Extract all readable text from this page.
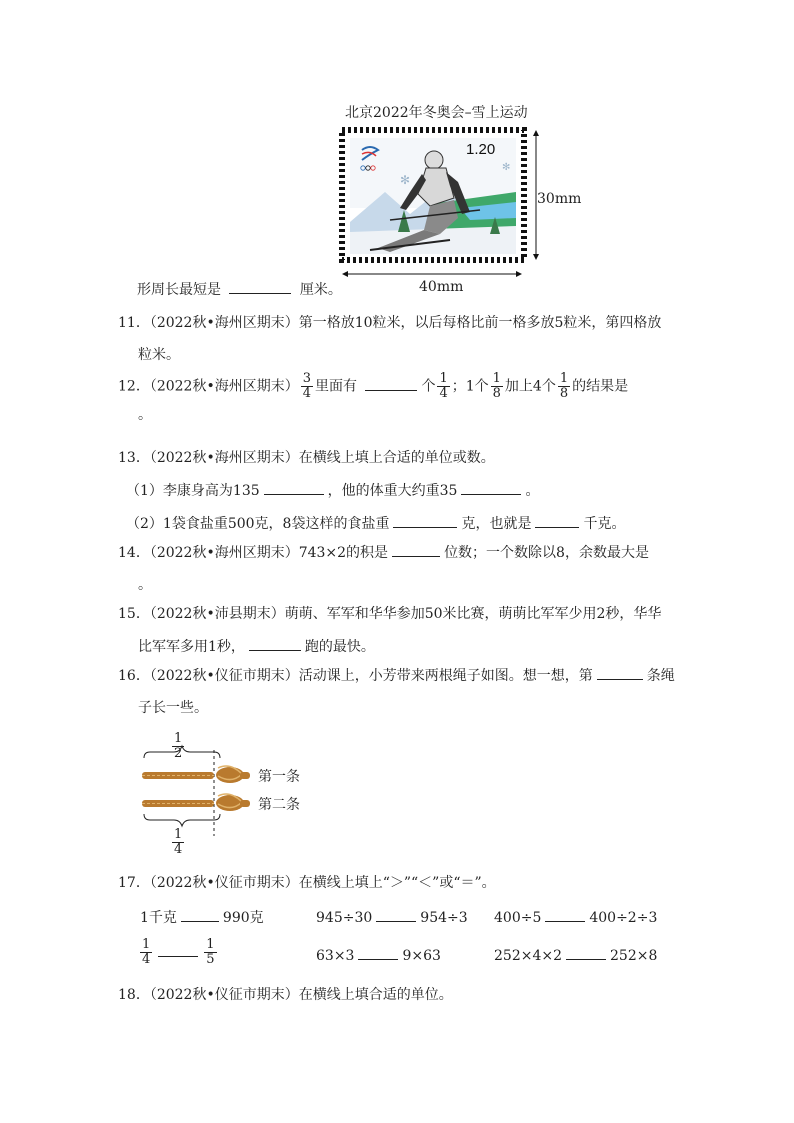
北京2022年冬奥会–雪上运动
✻
✻
1.20
30mm
40mm
形周长最短是	厘米。
11．（2022秋•海州区期末）第一格放10粒米，以后每格比前一格多放5粒米，第四格放
粒米。
12．（2022秋•海州区期末） $\frac{3}{4}$ 里面有	个 $\frac{1}{4}$ ；1个 $\frac{1}{8}$ 加上4个 $\frac{1}{8}$ 的结果是
。
13．（2022秋•海州区期末）在横线上填上合适的单位或数。
（1）李康身高为135	，他的体重大约重35	。
（2）1袋食盐重500克，8袋这样的食盐重	克，也就是	千克。
14．（2022秋•海州区期末）743×2的积是	位数；一个数除以8，余数最大是
。
15．（2022秋•沛县期末）萌萌、军军和华华参加50米比赛，萌萌比军军少用2秒，华华
比军军多用1秒，	跑的最快。
16．（2022秋•仪征市期末）活动课上，小芳带来两根绳子如图。想一想，第	条绳
子长一些。
$\frac{1}{2}$
$\frac{1}{4}$
第一条
第二条
17．（2022秋•仪征市期末）在横线上填上“＞”“＜”或“＝”。
1千克	990克	945÷30	954÷3 400÷5	400÷2÷3
$\frac{1}{4}$	$\frac{1}{5}$	63×3	9×63	252×4×2	252×8
18．（2022秋•仪征市期末）在横线上填合适的单位。
